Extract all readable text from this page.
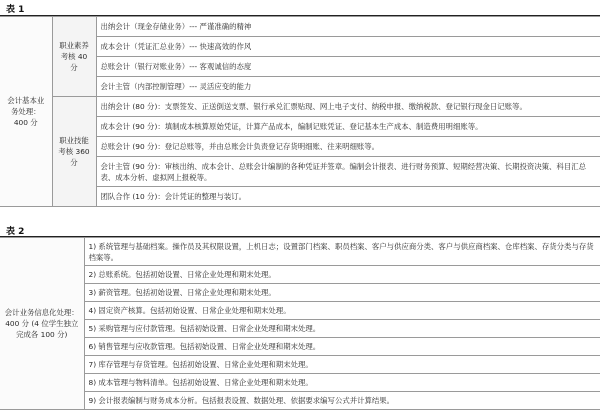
表 1
会计基本业务处理：400 分	职业素养考核 40 分	出纳会计（现金存储业务）--- 严谨准确的精神
		成本会计（凭证汇总业务）--- 快速高效的作风
		总账会计（银行对账业务）--- 客观诚信的态度
		会计主管（内部控制管理）--- 灵活应变的能力
	职业技能考核 360 分	出纳会计 (80 分)：支票签发、正送倒送支票、银行承兑汇票贴现、网上电子支付、纳税申报、缴纳税款、登记银行现金日记账等。
		成本会计 (90 分)：填制成本核算原始凭证，计算产品成本，编制记账凭证、登记基本生产成本、制造费用明细账等。
		总账会计 (90 分)：登记总账等，并由总账会计负责登记存货明细账、往来明细账等。
		会计主管 (90 分)：审核出纳、成本会计、总账会计编制的各种凭证并签章。编制会计报表、进行财务预算、短期经营决策、长期投资决策、科目汇总表、成本分析、虚拟网上报税等。
		团队合作 (10 分)：会计凭证的整理与装订。
表 2
会计业务信息化处理：400 分 (4 位学生独立完成各 100 分)	1) 系统管理与基础档案。操作员及其权限设置，上机日志；设置部门档案、职员档案、客户与供应商分类、客户与供应商档案、仓库档案、存货分类与存货档案等。
2) 总账系统。包括初始设置、日常企业处理和期末处理。
3) 薪资管理。包括初始设置、日常企业处理和期末处理。
4) 固定资产核算。包括初始设置、日常企业处理和期末处理。
5) 采购管理与应付款管理。包括初始设置、日常企业处理和期末处理。
6) 销售管理与应收款管理。包括初始设置、日常企业处理和期末处理。
7) 库存管理与存货管理。包括初始设置、日常企业处理和期末处理。
8) 成本管理与物料清单。包括初始设置、日常企业处理和期末处理。
9) 会计报表编制与财务成本分析。包括报表设置、数据处理、依据要求编写公式并计算结果。
